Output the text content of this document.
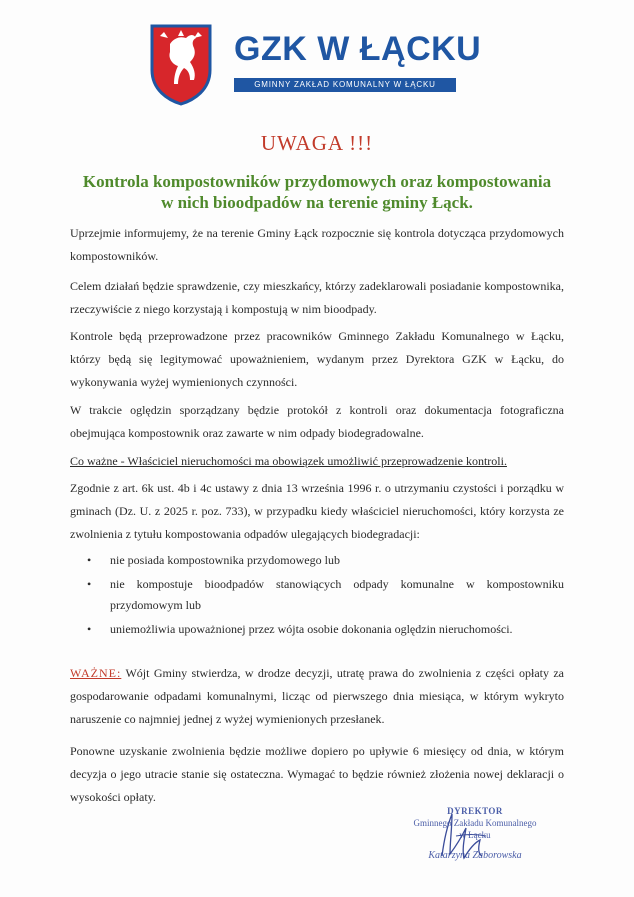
GZK W ŁĄCKU
GMINNY ZAKŁAD KOMUNALNY W ŁĄCKU
UWAGA !!!
Kontrola kompostowników przydomowych oraz kompostowania
w nich bioodpadów na terenie gminy Łąck.
Uprzejmie informujemy, że na terenie Gminy Łąck rozpocznie się kontrola dotycząca przydomowych kompostowników.
Celem działań będzie sprawdzenie, czy mieszkańcy, którzy zadeklarowali posiadanie kompostownika, rzeczywiście z niego korzystają i kompostują w nim bioodpady.
Kontrole będą przeprowadzone przez pracowników Gminnego Zakładu Komunalnego w Łącku, którzy będą się legitymować upoważnieniem, wydanym przez Dyrektora GZK w Łącku, do wykonywania wyżej wymienionych czynności.
W trakcie oględzin sporządzany będzie protokół z kontroli oraz dokumentacja fotograficzna obejmująca kompostownik oraz zawarte w nim odpady biodegradowalne.
Co ważne - Właściciel nieruchomości ma obowiązek umożliwić przeprowadzenie kontroli.
Zgodnie z art. 6k ust. 4b i 4c ustawy z dnia 13 września 1996 r. o utrzymaniu czystości i porządku w gminach (Dz. U. z 2025 r. poz. 733), w przypadku kiedy właściciel nieruchomości, który korzysta ze zwolnienia z tytułu kompostowania odpadów ulegających biodegradacji:
• nie posiada kompostownika przydomowego lub
• nie kompostuje bioodpadów stanowiących odpady komunalne w kompostowniku przydomowym lub
• uniemożliwia upoważnionej przez wójta osobie dokonania oględzin nieruchomości.
WAŻNE: Wójt Gminy stwierdza, w drodze decyzji, utratę prawa do zwolnienia z części opłaty za gospodarowanie odpadami komunalnymi, licząc od pierwszego dnia miesiąca, w którym wykryto naruszenie co najmniej jednej z wyżej wymienionych przesłanek.
Ponowne uzyskanie zwolnienia będzie możliwe dopiero po upływie 6 miesięcy od dnia, w którym decyzja o jego utracie stanie się ostateczna. Wymagać to będzie również złożenia nowej deklaracji o wysokości opłaty.
DYREKTOR
Gminnego Zakładu Komunalnego
w Łącku
Katarzyna Zaborowska
